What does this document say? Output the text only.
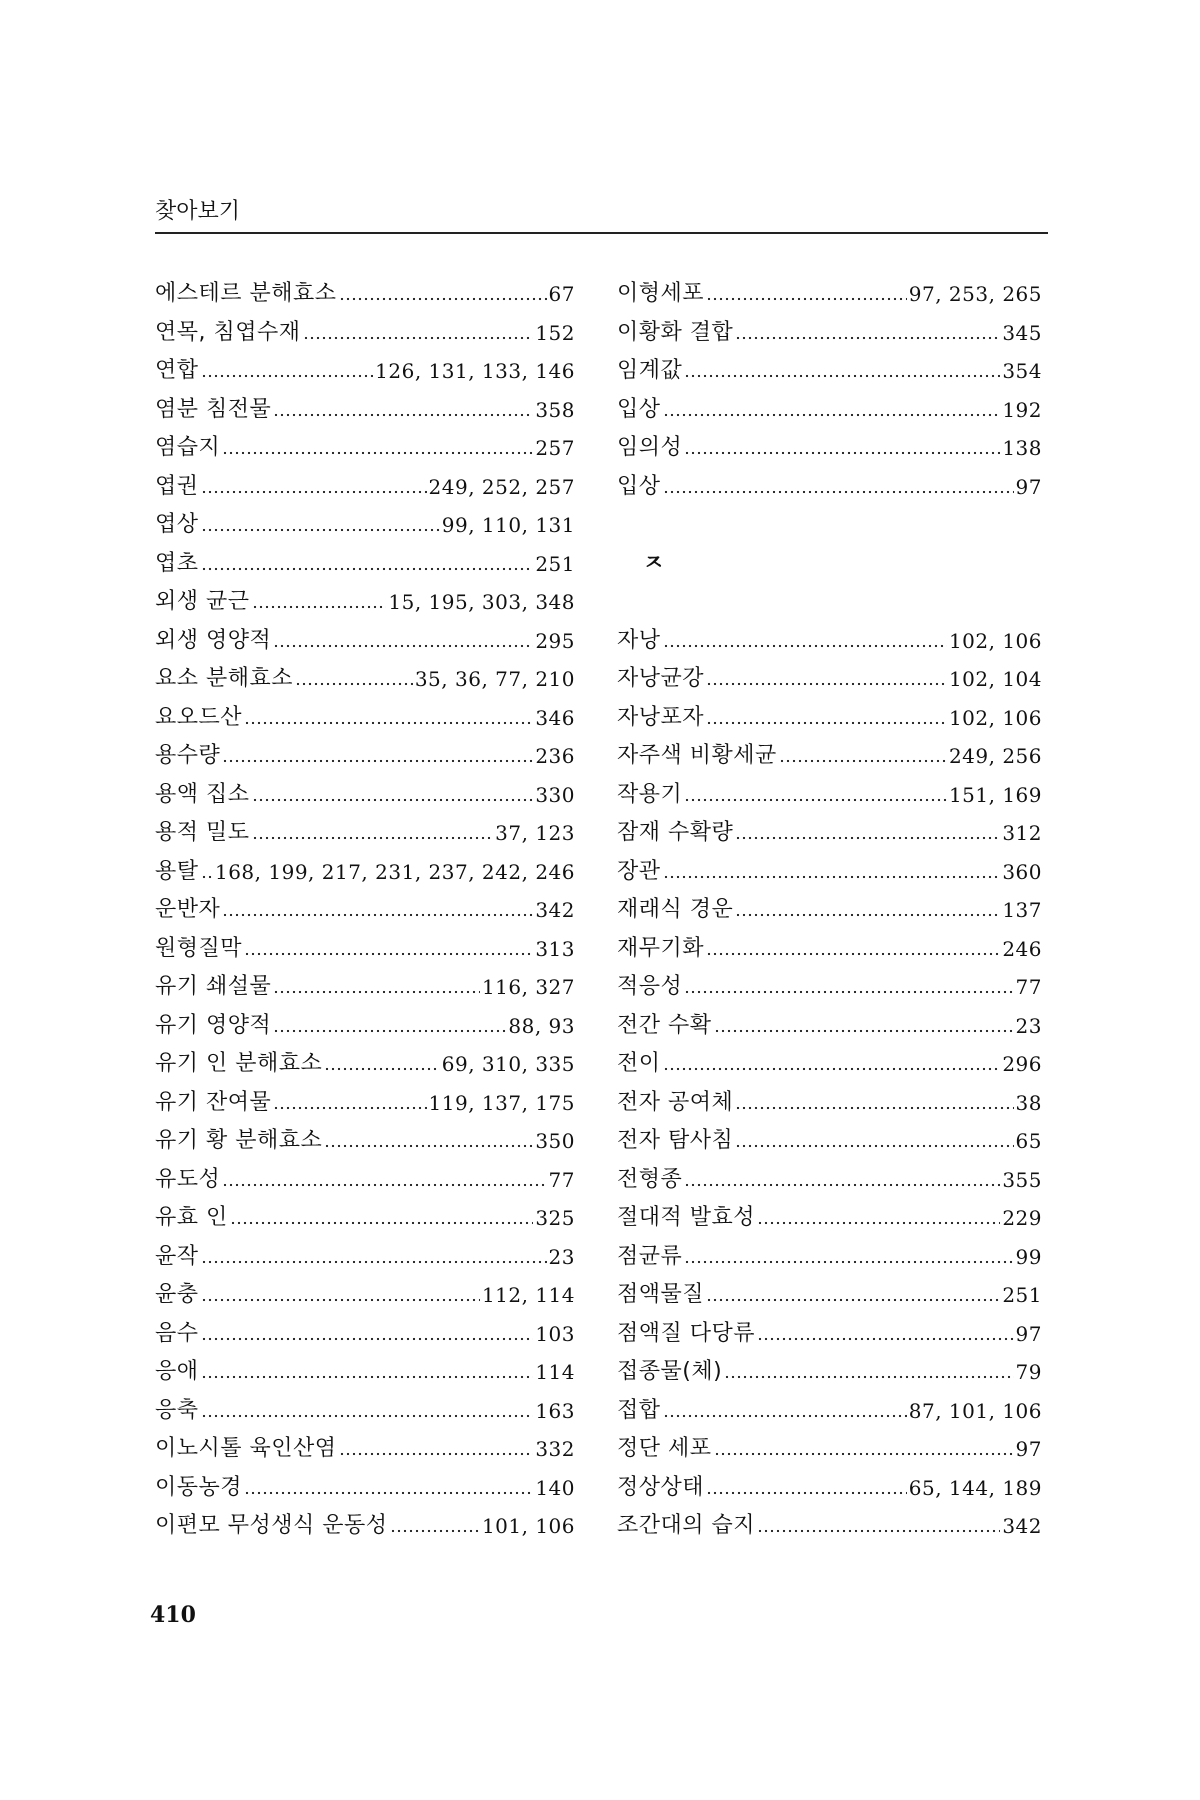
찾아보기
에스테르 분해효소	67
연목, 침엽수재	152
연합	126, 131, 133, 146
염분 침전물	358
염습지	257
엽권	249, 252, 257
엽상	99, 110, 131
엽초	251
외생 균근	15, 195, 303, 348
외생 영양적	295
요소 분해효소	35, 36, 77, 210
요오드산	346
용수량	236
용액 집소	330
용적 밀도	37, 123
용탈 168, 199, 217, 231, 237, 242, 246
운반자	342
원형질막	313
유기 쇄설물	116, 327
유기 영양적	88, 93
유기 인 분해효소	69, 310, 335
유기 잔여물	119, 137, 175
유기 황 분해효소	350
유도성	77
유효 인	325
윤작	23
윤충	112, 114
음수	103
응애	114
응축	163
이노시톨 육인산염	332
이동농경	140
이편모 무성생식 운동성	101, 106
이형세포	97, 253, 265
이황화 결합	345
임계값	354
입상	192
임의성	138
입상	97
ㅈ
자낭	102, 106
자낭균강	102, 104
자낭포자	102, 106
자주색 비황세균	249, 256
작용기	151, 169
잠재 수확량	312
장관	360
재래식 경운	137
재무기화	246
적응성	77
전간 수확	23
전이	296
전자 공여체	38
전자 탐사침	65
전형종	355
절대적 발효성	229
점균류	99
점액물질	251
점액질 다당류	97
접종물(체)	79
접합	87, 101, 106
정단 세포	97
정상상태	65, 144, 189
조간대의 습지	342
410
